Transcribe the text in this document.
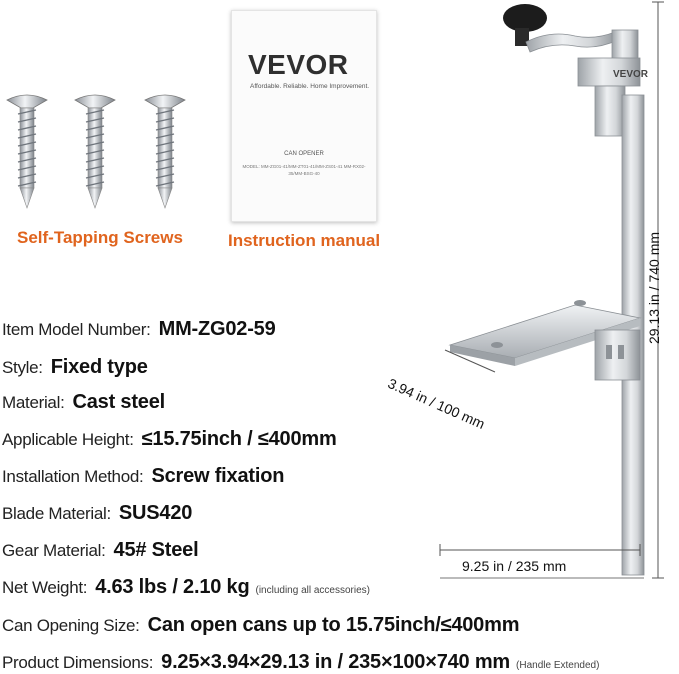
Self-Tapping Screws
VEVOR
Affordable. Reliable. Home Improvement.
CAN OPENER
MODEL: MM-ZG01-41/MM-ZT01-41/MM-ZS01-41 MM-RX02-35/MM-BSG-40
Instruction manual
Item Model Number: MM-ZG02-59
Style: Fixed type
Material: Cast steel
Applicable Height: ≤15.75inch / ≤400mm
Installation Method: Screw fixation
Blade Material: SUS420
Gear Material: 45# Steel
Net Weight: 4.63 lbs / 2.10 kg (including all accessories)
Can Opening Size: Can open cans up to 15.75inch/≤400mm
Product Dimensions: 9.25×3.94×29.13 in / 235×100×740 mm (Handle Extended)
VEVOR
29.13 in / 740 mm
3.94 in / 100 mm
9.25 in / 235 mm
